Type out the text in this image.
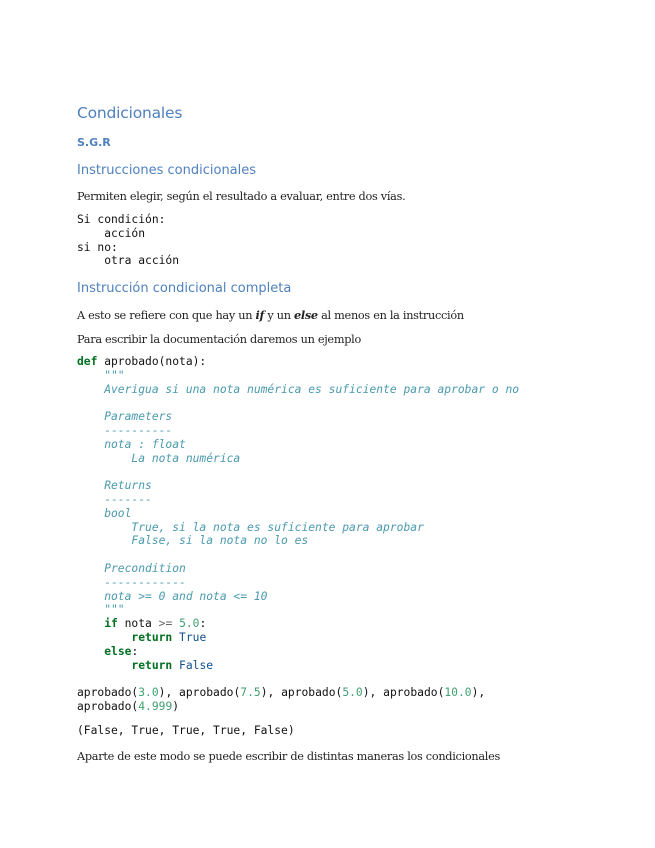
Condicionales
S.G.R
Instrucciones condicionales
Permiten elegir, según el resultado a evaluar, entre dos vías.
Si condición:
acción
si no:
otra acción
Instrucción condicional completa
A esto se refiere con que hay un if y un else al menos en la instrucción
Para escribir la documentación daremos un ejemplo
def aprobado(nota):
"""
Averigua si una nota numérica es suficiente para aprobar o no

Parameters
----------
nota : float
La nota numérica

Returns
-------
bool
True, si la nota es suficiente para aprobar
False, si la nota no lo es

Precondition
------------
nota >= 0 and nota <= 10
"""
if nota >= 5.0:
return True
else:
return False
aprobado(3.0), aprobado(7.5), aprobado(5.0), aprobado(10.0),
aprobado(4.999)
(False, True, True, True, False)
Aparte de este modo se puede escribir de distintas maneras los condicionales
